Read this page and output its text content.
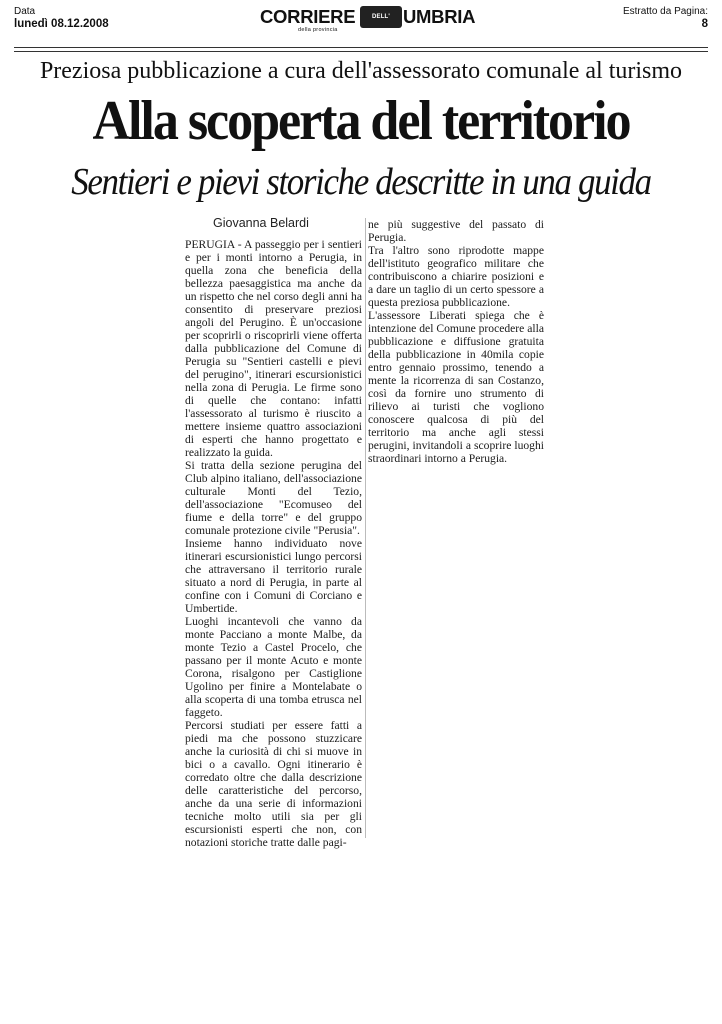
Data
lunedì 08.12.2008	CORRIERE	DELL' UMBRIA
della provincia
Estratto da Pagina:
8
Preziosa pubblicazione a cura dell'assessorato comunale al turismo
Alla scoperta del territorio
Sentieri e pievi storiche descritte in una guida
Giovanna Belardi

PERUGIA - A passeggio per i sentieri e per i monti intorno a Perugia, in quella zona che beneficia della bellezza paesaggistica ma anche da un rispetto che nel corso degli anni ha consentito di preservare preziosi angoli del Perugino. È un'occasione per scoprirli o riscoprirli viene offerta dalla pubblicazione del Comune di Perugia su "Sentieri castelli e pievi del perugino", itinerari escursionistici nella zona di Perugia. Le firme sono di quelle che contano: infatti l'assessorato al turismo è riuscito a mettere insieme quattro associazioni di esperti che hanno progettato e realizzato la guida.

Si tratta della sezione perugina del Club alpino italiano, dell'associazione culturale Monti del Tezio, dell'associazione "Ecomuseo del fiume e della torre" e del gruppo comunale protezione civile "Perusia".

Insieme hanno individuato nove itinerari escursionistici lungo percorsi che attraversano il territorio rurale situato a nord di Perugia, in parte al confine con i Comuni di Corciano e Umbertide.

Luoghi incantevoli che vanno da monte Pacciano a monte Malbe, da monte Tezio a Castel Procelo, che passano per il monte Acuto e monte Corona, risalgono per Castiglione Ugolino per finire a Montelabate o alla scoperta di una tomba etrusca nel faggeto.

Percorsi studiati per essere fatti a piedi ma che possono stuzzicare anche la curiosità di chi si muove in bici o a cavallo. Ogni itinerario è corredato oltre che dalla descrizione delle caratteristiche del percorso, anche da una serie di informazioni tecniche molto utili sia per gli escursionisti esperti che non, con notazioni storiche tratte dalle pagi-

ne più suggestive del passato di Perugia.

Tra l'altro sono riprodotte mappe dell'istituto geografico militare che contribuiscono a chiarire posizioni e a dare un taglio di un certo spessore a questa preziosa pubblicazione.

L'assessore Liberati spiega che è intenzione del Comune procedere alla pubblicazione e diffusione gratuita della pubblicazione in 40mila copie entro gennaio prossimo, tenendo a mente la ricorrenza di san Costanzo, così da fornire uno strumento di rilievo ai turisti che vogliono conoscere qualcosa di più del territorio ma anche agli stessi perugini, invitandoli a scoprire luoghi straordinari intorno a Perugia.
